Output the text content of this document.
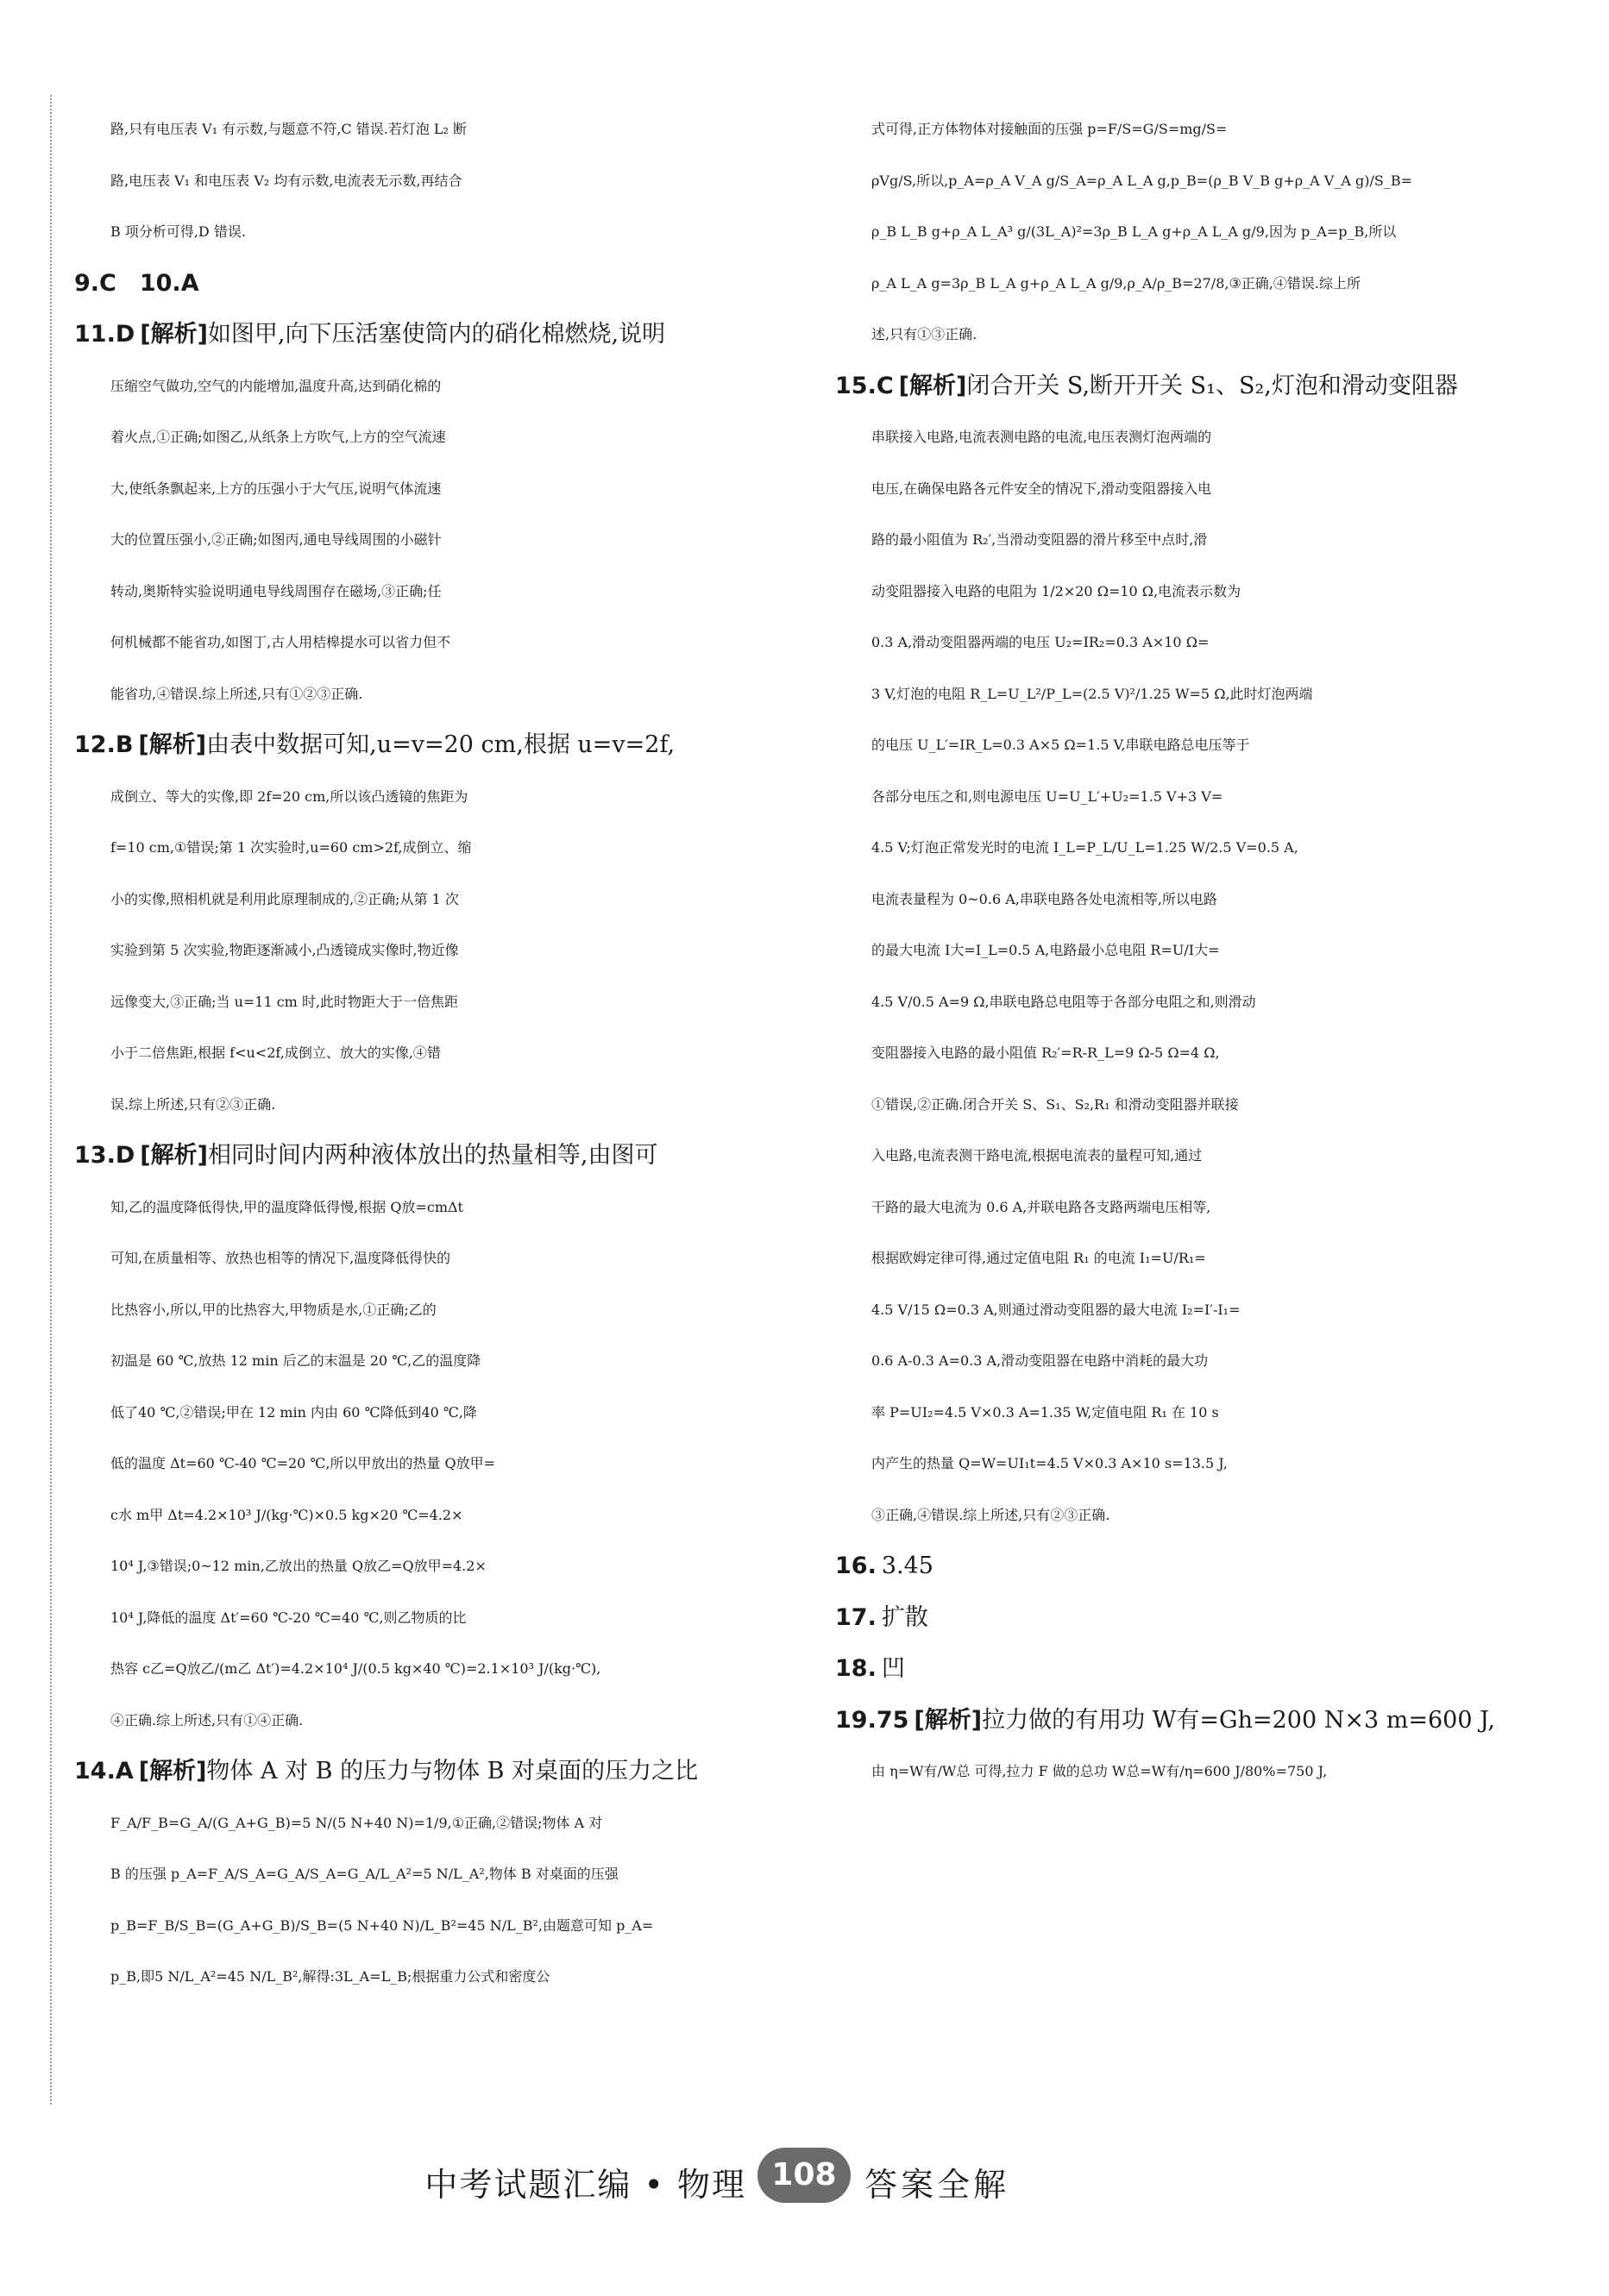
路,只有电压表 V₁ 有示数,与题意不符,C 错误.若灯泡 L₂ 断
路,电压表 V₁ 和电压表 V₂ 均有示数,电流表无示数,再结合
B 项分析可得,D 错误.

9.C　10.A

11.D [解析]如图甲,向下压活塞使筒内的硝化棉燃烧,说明
压缩空气做功,空气的内能增加,温度升高,达到硝化棉的
着火点,①正确;如图乙,从纸条上方吹气,上方的空气流速
大,使纸条飘起来,上方的压强小于大气压,说明气体流速
大的位置压强小,②正确;如图丙,通电导线周围的小磁针
转动,奥斯特实验说明通电导线周围存在磁场,③正确;任
何机械都不能省功,如图丁,古人用桔槔提水可以省力但不
能省功,④错误.综上所述,只有①②③正确.

12.B [解析]由表中数据可知,u=v=20 cm,根据 u=v=2f,
成倒立、等大的实像,即 2f=20 cm,所以该凸透镜的焦距为
f=10 cm,①错误;第 1 次实验时,u=60 cm>2f,成倒立、缩
小的实像,照相机就是利用此原理制成的,②正确;从第 1 次
实验到第 5 次实验,物距逐渐减小,凸透镜成实像时,物近像
远像变大,③正确;当 u=11 cm 时,此时物距大于一倍焦距
小于二倍焦距,根据 f<u<2f,成倒立、放大的实像,④错
误.综上所述,只有②③正确.

13.D [解析]相同时间内两种液体放出的热量相等,由图可
知,乙的温度降低得快,甲的温度降低得慢,根据 Q放=cmΔt
可知,在质量相等、放热也相等的情况下,温度降低得快的
比热容小,所以,甲的比热容大,甲物质是水,①正确;乙的
初温是 60 ℃,放热 12 min 后乙的末温是 20 ℃,乙的温度降
低了40 ℃,②错误;甲在 12 min 内由 60 ℃降低到40 ℃,降
低的温度 Δt=60 ℃-40 ℃=20 ℃,所以甲放出的热量 Q放甲=
c水 m甲 Δt=4.2×10³ J/(kg·℃)×0.5 kg×20 ℃=4.2×
10⁴ J,③错误;0~12 min,乙放出的热量 Q放乙=Q放甲=4.2×
10⁴ J,降低的温度 Δt′=60 ℃-20 ℃=40 ℃,则乙物质的比
热容 c乙=Q放乙/(m乙 Δt′)=4.2×10⁴ J/(0.5 kg×40 ℃)=2.1×10³ J/(kg·℃),
④正确.综上所述,只有①④正确.

14.A [解析]物体 A 对 B 的压力与物体 B 对桌面的压力之比
F_A/F_B=G_A/(G_A+G_B)=5 N/(5 N+40 N)=1/9,①正确,②错误;物体 A 对
B 的压强 p_A=F_A/S_A=G_A/S_A=G_A/L_A²=5 N/L_A²,物体 B 对桌面的压强
p_B=F_B/S_B=(G_A+G_B)/S_B=(5 N+40 N)/L_B²=45 N/L_B²,由题意可知 p_A=
p_B,即5 N/L_A²=45 N/L_B²,解得:3L_A=L_B;根据重力公式和密度公

式可得,正方体物体对接触面的压强 p=F/S=G/S=mg/S=
ρVg/S,所以,p_A=ρ_A V_A g/S_A=ρ_A L_A g,p_B=(ρ_B V_B g+ρ_A V_A g)/S_B=
ρ_B L_B g+ρ_A L_A³ g/(3L_A)²=3ρ_B L_A g+ρ_A L_A g/9,因为 p_A=p_B,所以
ρ_A L_A g=3ρ_B L_A g+ρ_A L_A g/9,ρ_A/ρ_B=27/8,③正确,④错误.综上所
述,只有①③正确.

15.C [解析]闭合开关 S,断开开关 S₁、S₂,灯泡和滑动变阻器
串联接入电路,电流表测电路的电流,电压表测灯泡两端的
电压,在确保电路各元件安全的情况下,滑动变阻器接入电
路的最小阻值为 R₂′,当滑动变阻器的滑片移至中点时,滑
动变阻器接入电路的电阻为 1/2×20 Ω=10 Ω,电流表示数为
0.3 A,滑动变阻器两端的电压 U₂=IR₂=0.3 A×10 Ω=
3 V,灯泡的电阻 R_L=U_L²/P_L=(2.5 V)²/1.25 W=5 Ω,此时灯泡两端
的电压 U_L′=IR_L=0.3 A×5 Ω=1.5 V,串联电路总电压等于
各部分电压之和,则电源电压 U=U_L′+U₂=1.5 V+3 V=
4.5 V;灯泡正常发光时的电流 I_L=P_L/U_L=1.25 W/2.5 V=0.5 A,
电流表量程为 0~0.6 A,串联电路各处电流相等,所以电路
的最大电流 I大=I_L=0.5 A,电路最小总电阻 R=U/I大=
4.5 V/0.5 A=9 Ω,串联电路总电阻等于各部分电阻之和,则滑动
变阻器接入电路的最小阻值 R₂′=R-R_L=9 Ω-5 Ω=4 Ω,
①错误,②正确.闭合开关 S、S₁、S₂,R₁ 和滑动变阻器并联接
入电路,电流表测干路电流,根据电流表的量程可知,通过
干路的最大电流为 0.6 A,并联电路各支路两端电压相等,
根据欧姆定律可得,通过定值电阻 R₁ 的电流 I₁=U/R₁=
4.5 V/15 Ω=0.3 A,则通过滑动变阻器的最大电流 I₂=I′-I₁=
0.6 A-0.3 A=0.3 A,滑动变阻器在电路中消耗的最大功
率 P=UI₂=4.5 V×0.3 A=1.35 W,定值电阻 R₁ 在 10 s
内产生的热量 Q=W=UI₁t=4.5 V×0.3 A×10 s=13.5 J,
③正确,④错误.综上所述,只有②③正确.

16. 3.45

17. 扩散

18. 凹

19.75 [解析]拉力做的有用功 W有=Gh=200 N×3 m=600 J,
由 η=W有/W总 可得,拉力 F 做的总功 W总=W有/η=600 J/80%=750 J,

中考试题汇编 • 物理 108 答案全解
